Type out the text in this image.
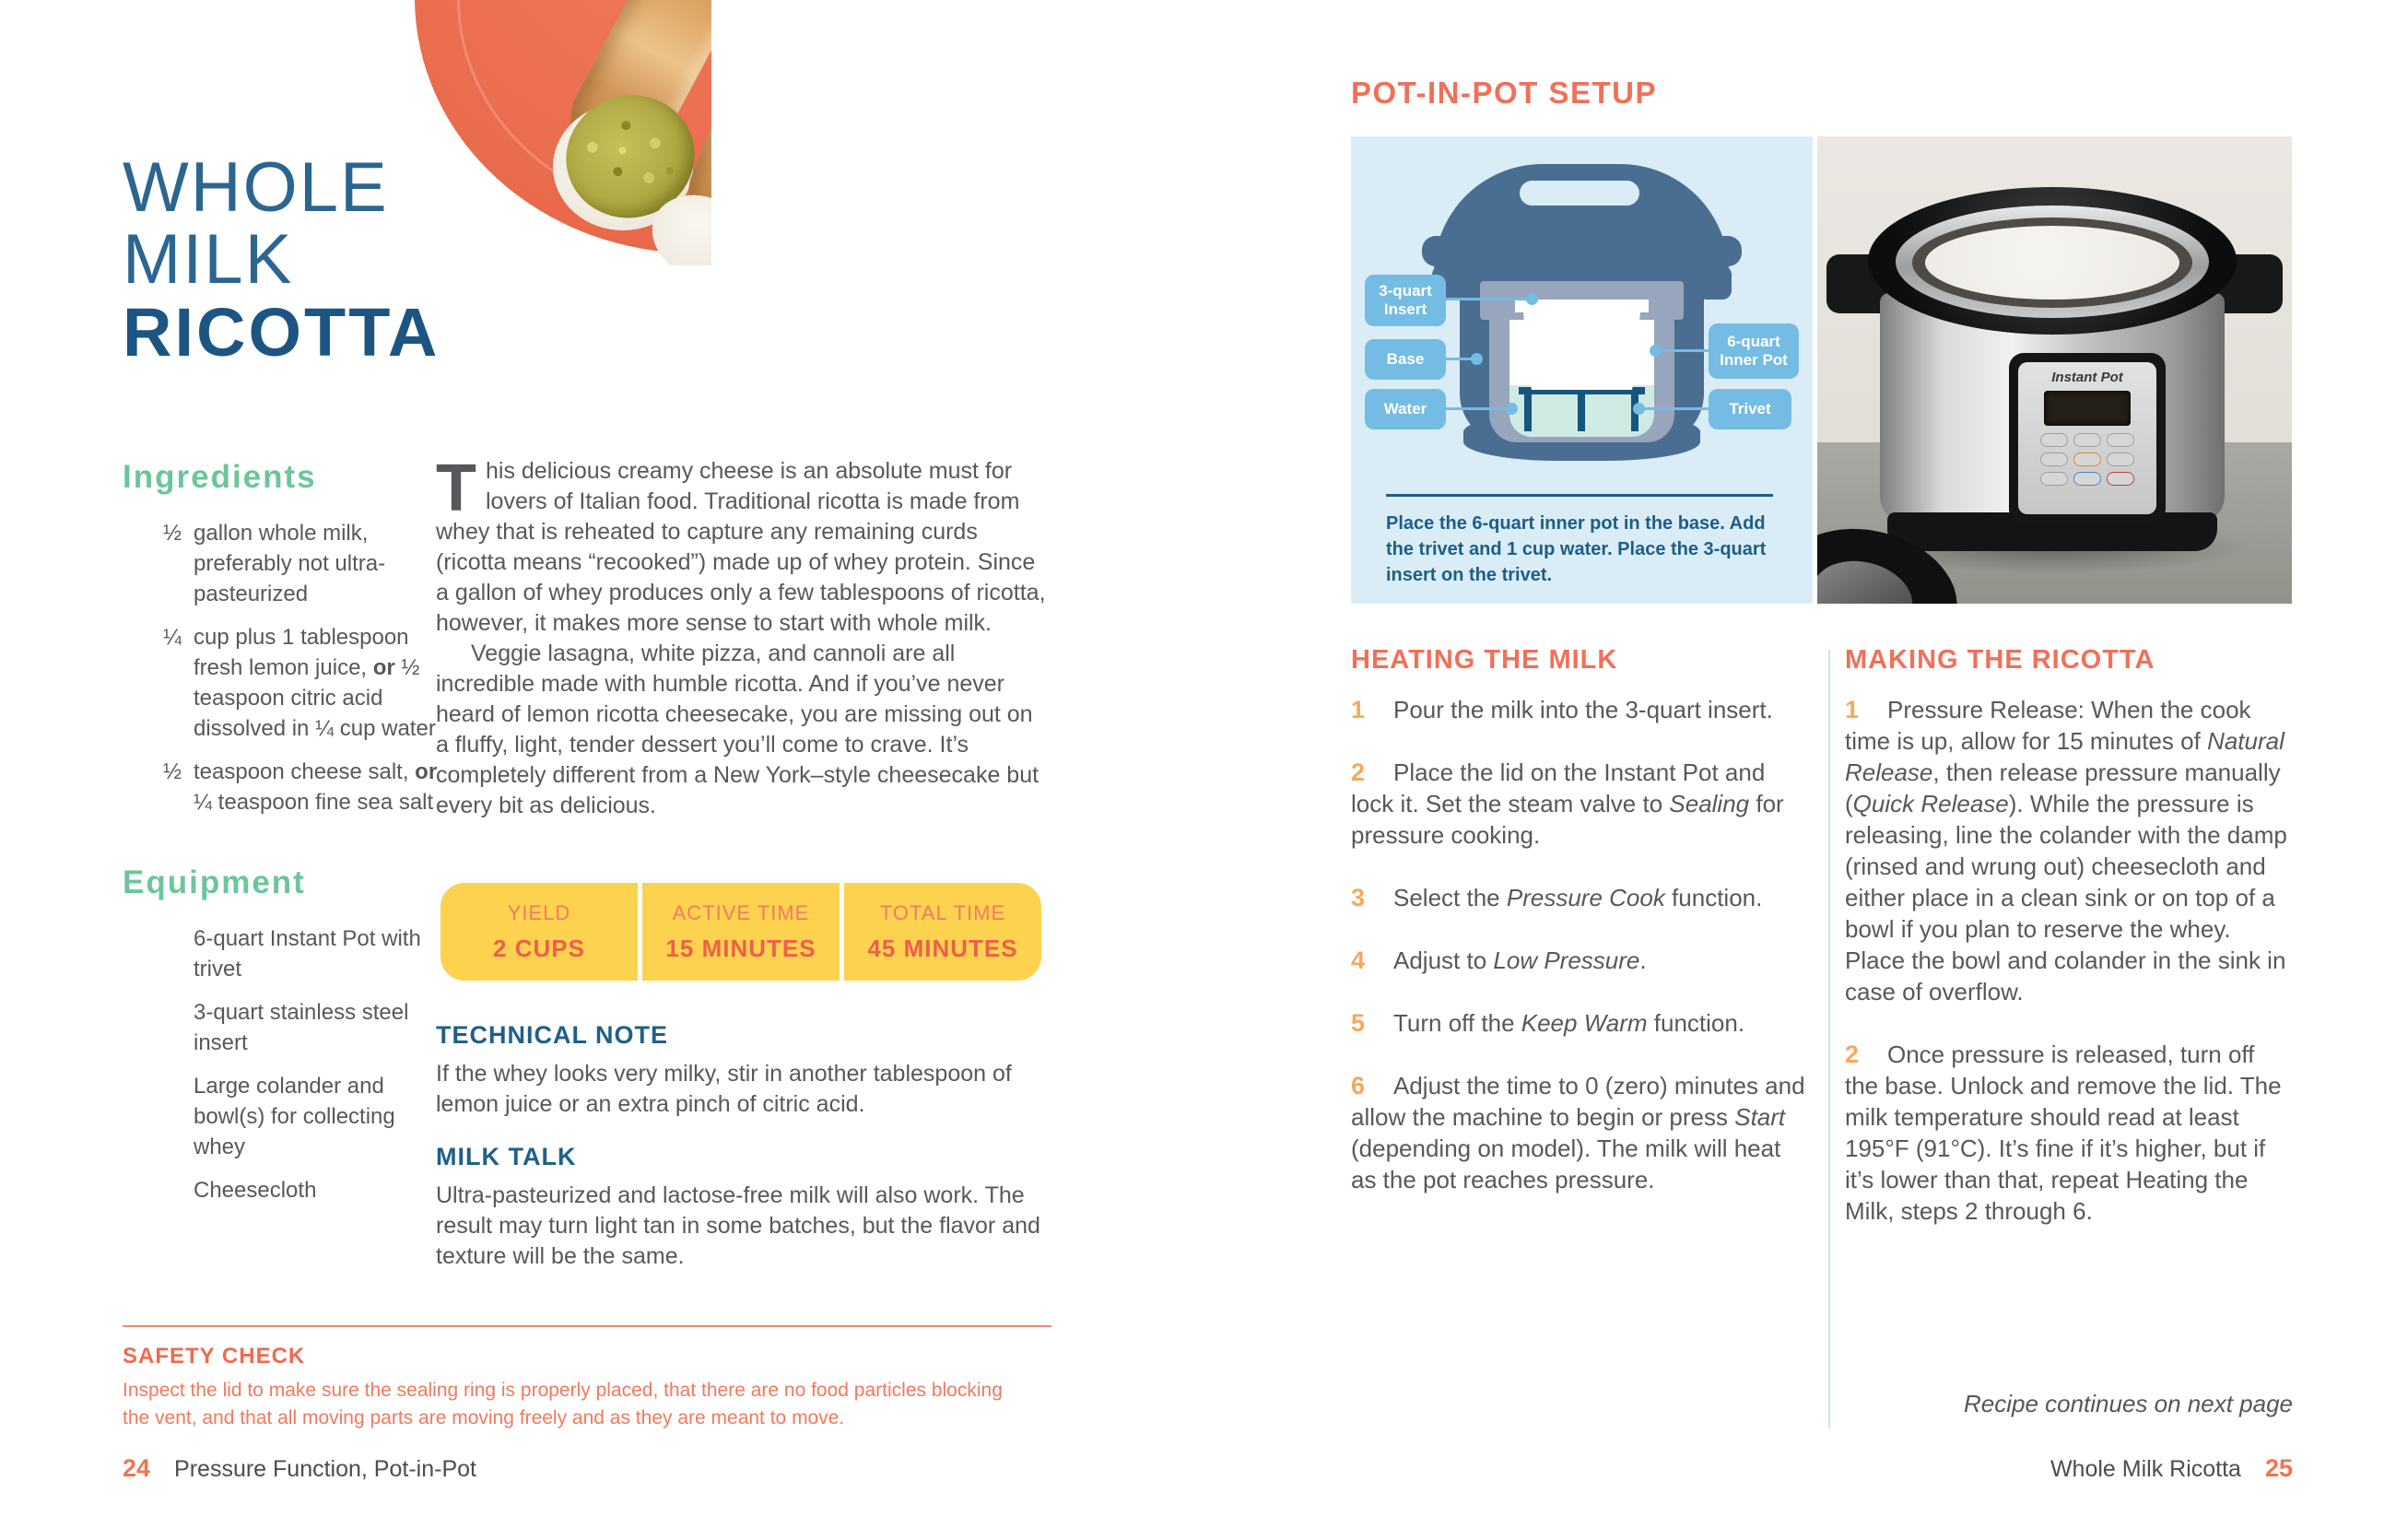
WHOLE
MILK
RICOTTA
Ingredients
½ gallon whole milk, preferably not ultra-pasteurized
¼ cup plus 1 tablespoon fresh lemon juice, or ½ teaspoon citric acid dissolved in ¼ cup water
½ teaspoon cheese salt, or ¼ teaspoon fine sea salt
Equipment
6-quart Instant Pot with trivet
3-quart stainless steel insert
Large colander and bowl(s) for collecting whey
Cheesecloth

This delicious creamy cheese is an absolute must for lovers of Italian food. Traditional ricotta is made from whey that is reheated to capture any remaining curds (ricotta means “recooked”) made up of whey protein. Since a gallon of whey produces only a few tablespoons of ricotta, however, it makes more sense to start with whole milk.

Veggie lasagna, white pizza, and cannoli are all incredible made with humble ricotta. And if you’ve never heard of lemon ricotta cheesecake, you are missing out on a fluffy, light, tender dessert you’ll come to crave. It’s completely different from a New York–style cheesecake but every bit as delicious.

YIELD
2 CUPS
ACTIVE TIME
15 MINUTES
TOTAL TIME
45 MINUTES
TECHNICAL NOTE
If the whey looks very milky, stir in another tablespoon of lemon juice or an extra pinch of citric acid.
MILK TALK
Ultra-pasteurized and lactose-free milk will also work. The result may turn light tan in some batches, but the flavor and texture will be the same.
SAFETY CHECK
Inspect the lid to make sure the sealing ring is properly placed, that there are no food particles blocking the vent, and that all moving parts are moving freely and as they are meant to move.
24 Pressure Function, Pot-in-Pot
POT-IN-POT SETUP
3-quart Insert
Base
Water
6-quart Inner Pot
Trivet
Place the 6-quart inner pot in the base. Add the trivet and 1 cup water. Place the 3-quart insert on the trivet.
Instant Pot
HEATING THE MILK
1	Pour the milk into the 3-quart insert.
2	Place the lid on the Instant Pot and lock it. Set the steam valve to Sealing for pressure cooking.
3	Select the Pressure Cook function.
4	Adjust to Low Pressure.
5	Turn off the Keep Warm function.
6	Adjust the time to 0 (zero) minutes and allow the machine to begin or press Start (depending on model). The milk will heat as the pot reaches pressure.
MAKING THE RICOTTA
1	Pressure Release: When the cook time is up, allow for 15 minutes of Natural Release, then release pressure manually (Quick Release). While the pressure is releasing, line the colander with the damp (rinsed and wrung out) cheesecloth and either place in a clean sink or on top of a bowl if you plan to reserve the whey. Place the bowl and colander in the sink in case of overflow.
2	Once pressure is released, turn off the base. Unlock and remove the lid. The milk temperature should read at least 195°F (91°C). It’s fine if it’s higher, but if it’s lower than that, repeat Heating the Milk, steps 2 through 6.
Recipe continues on next page
Whole Milk Ricotta 25
